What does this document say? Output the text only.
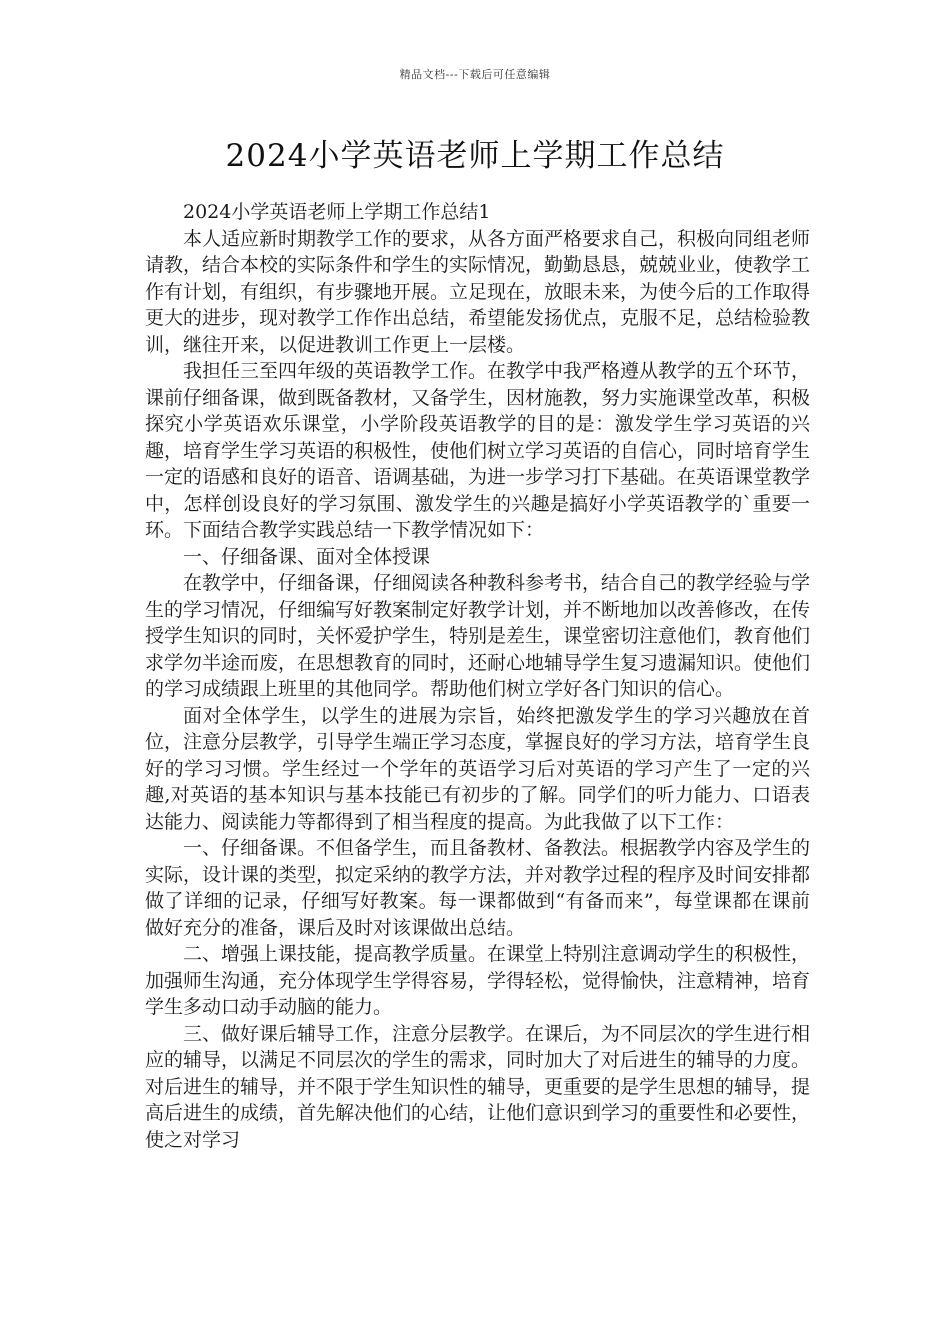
精品文档---下载后可任意编辑
2024小学英语老师上学期工作总结

2024小学英语老师上学期工作总结1

本人适应新时期教学工作的要求，从各方面严格要求自己，积极向同组老师请教，结合本校的实际条件和学生的实际情况，勤勤恳恳，兢兢业业，使教学工作有计划，有组织，有步骤地开展。立足现在，放眼未来，为使今后的工作取得更大的进步，现对教学工作作出总结，希望能发扬优点，克服不足，总结检验教训，继往开来，以促进教训工作更上一层楼。

我担任三至四年级的英语教学工作。在教学中我严格遵从教学的五个环节，课前仔细备课，做到既备教材，又备学生，因材施教，努力实施课堂改革，积极探究小学英语欢乐课堂，小学阶段英语教学的目的是：激发学生学习英语的兴趣，培育学生学习英语的积极性，使他们树立学习英语的自信心，同时培育学生一定的语感和良好的语音、语调基础，为进一步学习打下基础。在英语课堂教学中，怎样创设良好的学习氛围、激发学生的兴趣是搞好小学英语教学的`重要一环。下面结合教学实践总结一下教学情况如下：

一、仔细备课、面对全体授课

在教学中，仔细备课，仔细阅读各种教科参考书，结合自己的教学经验与学生的学习情况，仔细编写好教案制定好教学计划，并不断地加以改善修改，在传授学生知识的同时，关怀爱护学生，特别是差生，课堂密切注意他们，教育他们求学勿半途而废，在思想教育的同时，还耐心地辅导学生复习遗漏知识。使他们的学习成绩跟上班里的其他同学。帮助他们树立学好各门知识的信心。

面对全体学生，以学生的进展为宗旨，始终把激发学生的学习兴趣放在首位，注意分层教学，引导学生端正学习态度，掌握良好的学习方法，培育学生良好的学习习惯。学生经过一个学年的英语学习后对英语的学习产生了一定的兴趣,对英语的基本知识与基本技能已有初步的了解。同学们的听力能力、口语表达能力、阅读能力等都得到了相当程度的提高。为此我做了以下工作：

一、仔细备课。不但备学生，而且备教材、备教法。根据教学内容及学生的实际，设计课的类型，拟定采纳的教学方法，并对教学过程的程序及时间安排都做了详细的记录，仔细写好教案。每一课都做到“有备而来”，每堂课都在课前做好充分的准备，课后及时对该课做出总结。

二、增强上课技能，提高教学质量。在课堂上特别注意调动学生的积极性，加强师生沟通，充分体现学生学得容易，学得轻松，觉得愉快，注意精神，培育学生多动口动手动脑的能力。

三、做好课后辅导工作，注意分层教学。在课后，为不同层次的学生进行相应的辅导，以满足不同层次的学生的需求，同时加大了对后进生的辅导的力度。对后进生的辅导，并不限于学生知识性的辅导，更重要的是学生思想的辅导，提高后进生的成绩，首先解决他们的心结，让他们意识到学习的重要性和必要性，使之对学习
